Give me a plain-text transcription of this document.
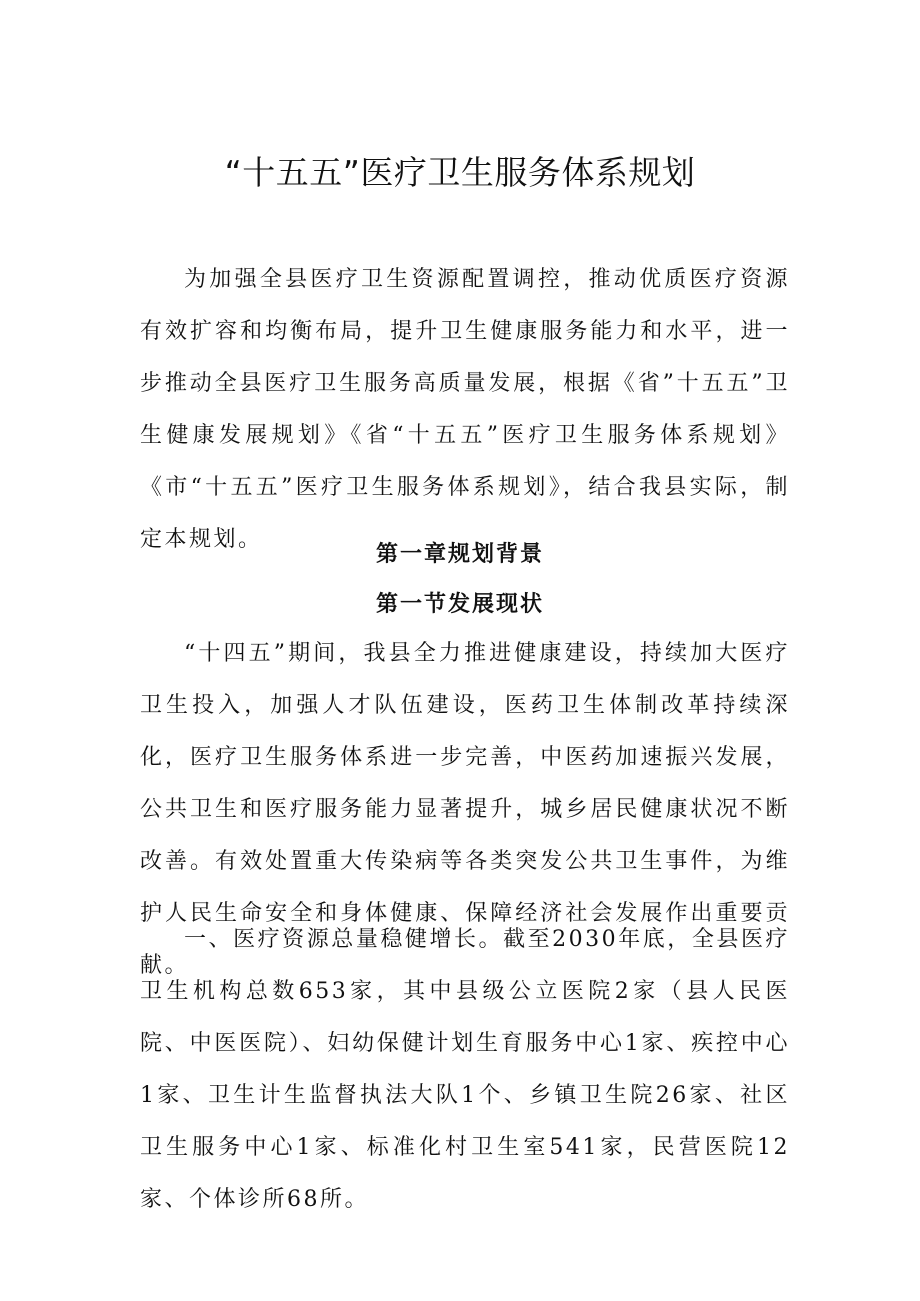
“十五五”医疗卫生服务体系规划

为加强全县医疗卫生资源配置调控，推动优质医疗资源有效扩容和均衡布局，提升卫生健康服务能力和水平，进一步推动全县医疗卫生服务高质量发展，根据《省”十五五”卫生健康发展规划》《省“十五五”医疗卫生服务体系规划》《市“十五五”医疗卫生服务体系规划》，结合我县实际，制定本规划。

第一章规划背景
第一节发展现状

“十四五”期间，我县全力推进健康建设，持续加大医疗卫生投入，加强人才队伍建设，医药卫生体制改革持续深化，医疗卫生服务体系进一步完善，中医药加速振兴发展，公共卫生和医疗服务能力显著提升，城乡居民健康状况不断改善。有效处置重大传染病等各类突发公共卫生事件，为维护人民生命安全和身体健康、保障经济社会发展作出重要贡献。

一、医疗资源总量稳健增长。截至2030年底，全县医疗卫生机构总数653家，其中县级公立医院2家（县人民医院、中医医院）、妇幼保健计划生育服务中心1家、疾控中心1家、卫生计生监督执法大队1个、乡镇卫生院26家、社区卫生服务中心1家、标准化村卫生室541家，民营医院12家、个体诊所68所。
